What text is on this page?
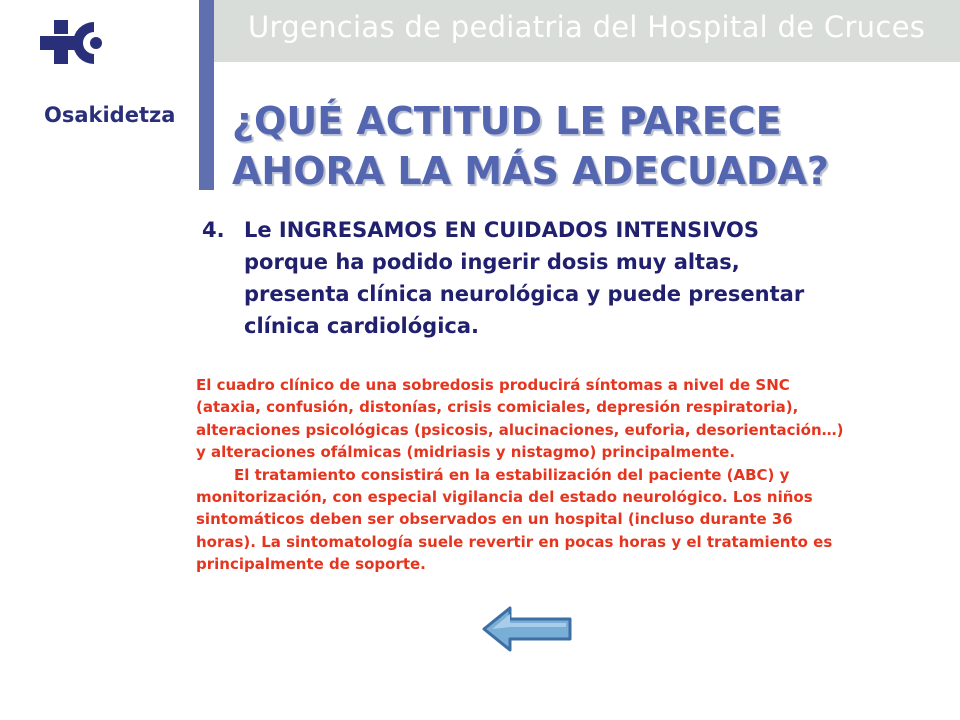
Urgencias de pediatria del Hospital de Cruces
Osakidetza ¿QUÉ ACTITUD LE PARECE
AHORA LA MÁS ADECUADA?
4. Le INGRESAMOS EN CUIDADOS INTENSIVOS
porque ha podido ingerir dosis muy altas,
presenta clínica neurológica y puede presentar
clínica cardiológica.
El cuadro clínico de una sobredosis producirá síntomas a nivel de SNC
(ataxia, confusión, distonías, crisis comiciales, depresión respiratoria),
alteraciones psicológicas (psicosis, alucinaciones, euforia, desorientación…)
y alteraciones ofálmicas (midriasis y nistagmo) principalmente.
El tratamiento consistirá en la estabilización del paciente (ABC) y
monitorización, con especial vigilancia del estado neurológico. Los niños
sintomáticos deben ser observados en un hospital (incluso durante 36
horas). La sintomatología suele revertir en pocas horas y el tratamiento es
principalmente de soporte.
